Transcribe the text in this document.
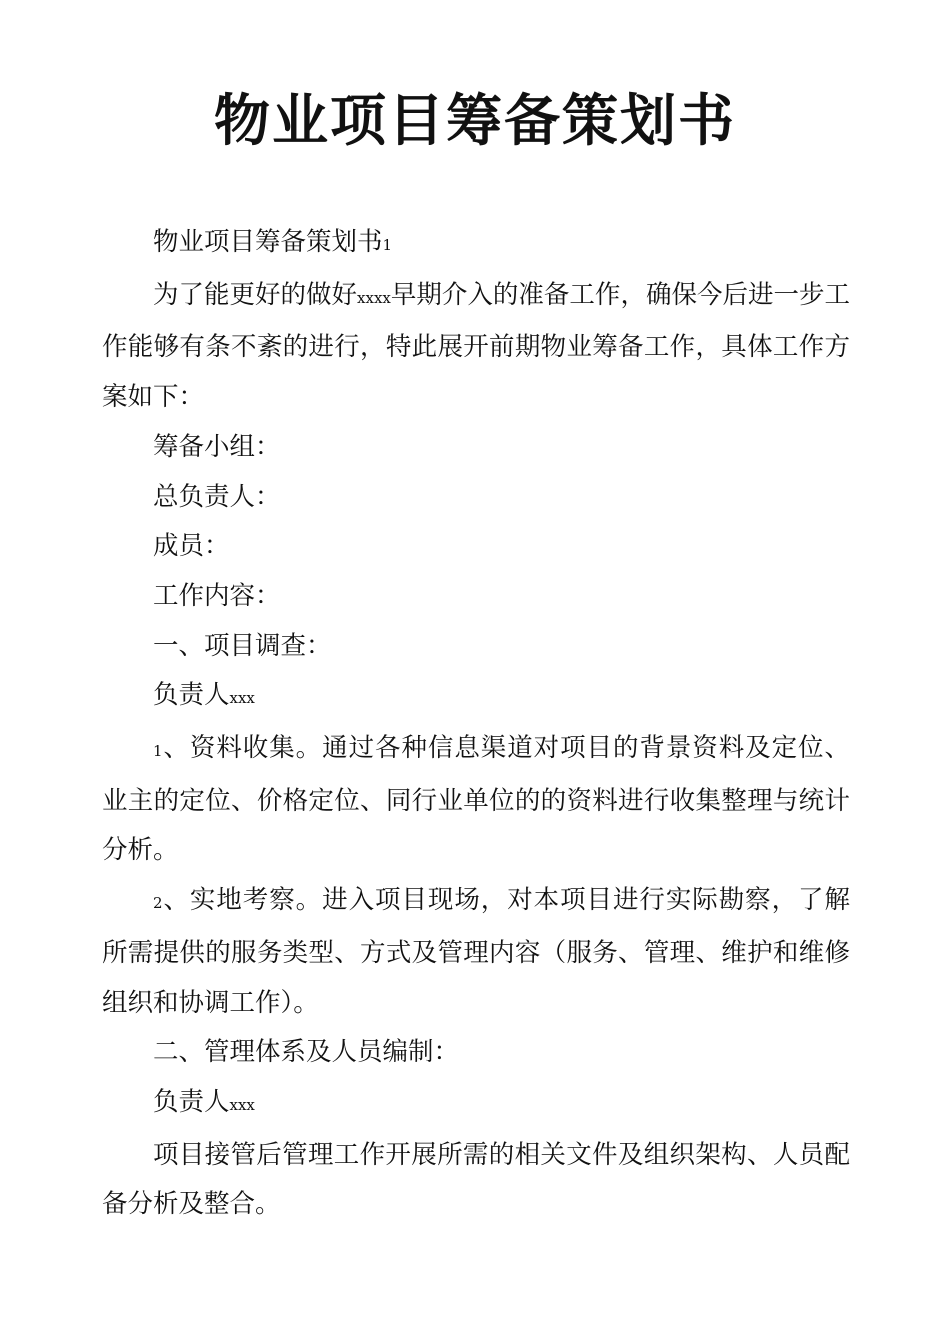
物业项目筹备策划书

物业项目筹备策划书1

为了能更好的做好xxxx早期介入的准备工作，确保今后进一步工作能够有条不紊的进行，特此展开前期物业筹备工作，具体工作方案如下：

筹备小组：

总负责人：

成员：

工作内容：

一、项目调查：

负责人xxx

1、资料收集。通过各种信息渠道对项目的背景资料及定位、业主的定位、价格定位、同行业单位的的资料进行收集整理与统计分析。

2、实地考察。进入项目现场，对本项目进行实际勘察，了解所需提供的服务类型、方式及管理内容（服务、管理、维护和维修组织和协调工作）。

二、管理体系及人员编制：

负责人xxx

项目接管后管理工作开展所需的相关文件及组织架构、人员配备分析及整合。
